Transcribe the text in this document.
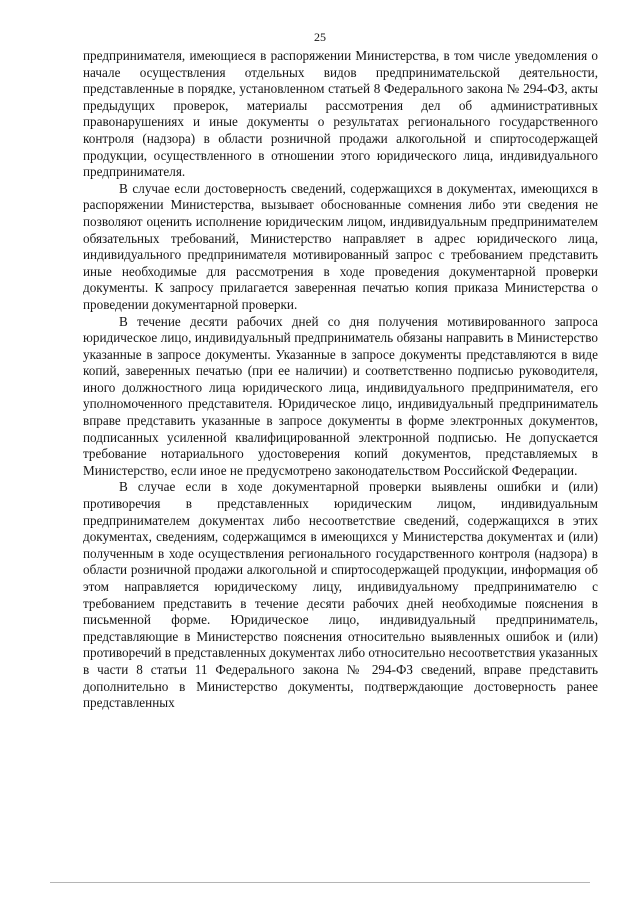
25

предпринимателя, имеющиеся в распоряжении Министерства, в том числе уведомления о начале осуществления отдельных видов предпринимательской деятельности, представленные в порядке, установленном статьей 8 Федерального закона № 294-ФЗ, акты предыдущих проверок, материалы рассмотрения дел об административных правонарушениях и иные документы о результатах регионального государственного контроля (надзора) в области розничной продажи алкогольной и спиртосодержащей продукции, осуществленного в отношении этого юридического лица, индивидуального предпринимателя.

В случае если достоверность сведений, содержащихся в документах, имеющихся в распоряжении Министерства, вызывает обоснованные сомнения либо эти сведения не позволяют оценить исполнение юридическим лицом, индивидуальным предпринимателем обязательных требований, Министерство направляет в адрес юридического лица, индивидуального предпринимателя мотивированный запрос с требованием представить иные необходимые для рассмотрения в ходе проведения документарной проверки документы. К запросу прилагается заверенная печатью копия приказа Министерства о проведении документарной проверки.

В течение десяти рабочих дней со дня получения мотивированного запроса юридическое лицо, индивидуальный предприниматель обязаны направить в Министерство указанные в запросе документы. Указанные в запросе документы представляются в виде копий, заверенных печатью (при ее наличии) и соответственно подписью руководителя, иного должностного лица юридического лица, индивидуального предпринимателя, его уполномоченного представителя. Юридическое лицо, индивидуальный предприниматель вправе представить указанные в запросе документы в форме электронных документов, подписанных усиленной квалифицированной электронной подписью. Не допускается требование нотариального удостоверения копий документов, представляемых в Министерство, если иное не предусмотрено законодательством Российской Федерации.

В случае если в ходе документарной проверки выявлены ошибки и (или) противоречия в представленных юридическим лицом, индивидуальным предпринимателем документах либо несоответствие сведений, содержащихся в этих документах, сведениям, содержащимся в имеющихся у Министерства документах и (или) полученным в ходе осуществления регионального государственного контроля (надзора) в области розничной продажи алкогольной и спиртосодержащей продукции, информация об этом направляется юридическому лицу, индивидуальному предпринимателю с требованием представить в течение десяти рабочих дней необходимые пояснения в письменной форме. Юридическое лицо, индивидуальный предприниматель, представляющие в Министерство пояснения относительно выявленных ошибок и (или) противоречий в представленных документах либо относительно несоответствия указанных в части 8 статьи 11 Федерального закона № 294-ФЗ сведений, вправе представить дополнительно в Министерство документы, подтверждающие достоверность ранее представленных
